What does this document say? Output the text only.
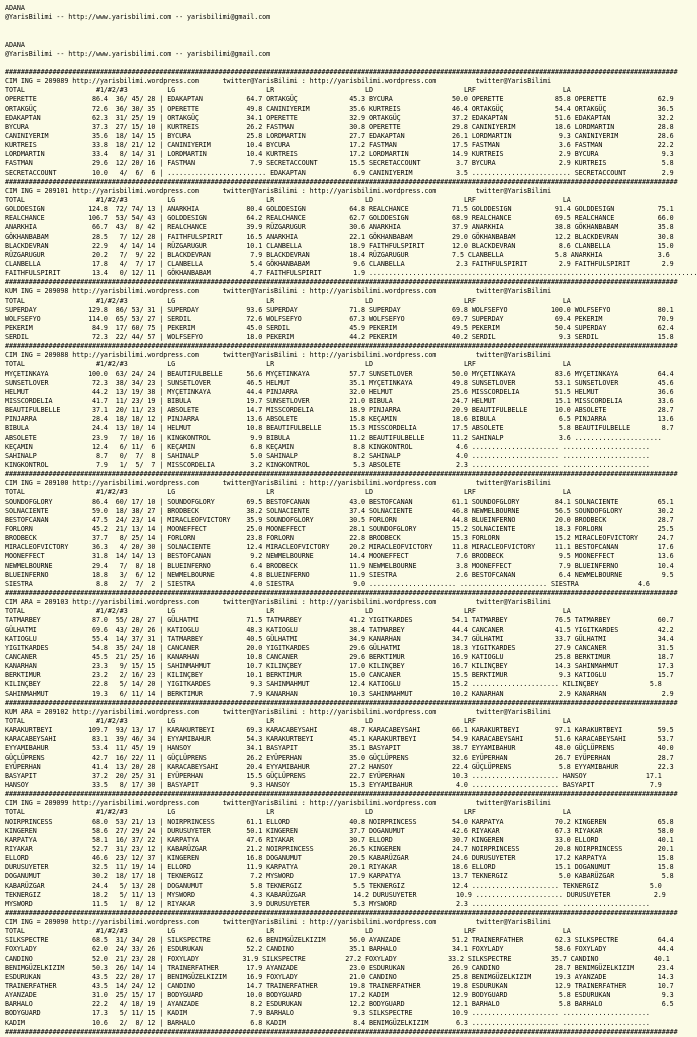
ADANA
@YarisBilimi -- http://www.yarisbilimi.com -- yarisbilimi@gmail.com
ADANA
@YarisBilimi -- http://www.yarisbilimi.com -- yarisbilimi@gmail.com
##########################################################################################################################################################################
CIM ING = 209089 http://yarisbilimi.wordpress.com      twitter@YarisBilimi : http://yarisbilimi.wordpress.com          twitter@YarisBilimi
TOTAL                  #1/#2/#3          LG                       LR                       LD                       LRF                      LA
OPERETTE              86.4  36/ 45/ 28 | EDAKAPTAN           64.7 ORTAKGÜÇ             45.3 BYCURA               50.0 OPERETTE             85.8 OPERETTE             62.9
ORTAKGÜÇ              72.6  36/ 30/ 35 | OPERETTE            49.8 CANINIYERIM          35.6 KURTREIS             46.4 ORTAKGÜÇ             54.4 ORTAKGÜÇ             36.5
EDAKAPTAN             62.3  31/ 25/ 19 | ORTAKGÜÇ            34.1 OPERETTE             32.9 ORTAKGÜÇ             37.2 EDAKAPTAN            51.6 EDAKAPTAN            32.2
BYCURA                37.3  27/ 15/ 10 | KURTREIS            26.2 FASTMAN              30.8 OPERETTE             29.8 CANINIYERIM          18.6 LORDMARTIN           28.8
CANINIYERIM           35.6  18/ 14/ 15 | BYCURA              25.8 LORDMARTIN           27.7 EDAKAPTAN            26.1 LORDMARTIN            9.3 CANINIYERIM          28.6
KURTREIS              33.8  18/ 21/ 12 | CANINIYERIM         10.4 BYCURA               17.2 FASTMAN              17.5 FASTMAN               3.6 FASTMAN              22.2
LORDMARTIN            33.4   8/ 14/ 31 | LORDMARTIN          10.4 KURTREIS             17.2 LORDMARTIN           14.9 KURTREIS              2.9 BYCURA                9.3
FASTMAN               29.6  12/ 20/ 16 | FASTMAN              7.9 SECRETACCOUNT        15.5 SECRETACCOUNT         3.7 BYCURA                2.9 KURTREIS              5.8
SECRETACCOUNT         10.0   4/  6/  6 | ......................... EDAKAPTAN            6.9 CANINIYERIM           3.5 ......................... SECRETACCOUNT         2.9
##########################################################################################################################################################################
CIM ING = 209101 http://yarisbilimi.wordpress.com      twitter@YarisBilimi : http://yarisbilimi.wordpress.com          twitter@YarisBilimi
TOTAL                  #1/#2/#3          LG                       LR                       LD                       LRF                      LA
GOLDDESIGN           124.8  72/ 74/ 13 | ANARKHIA            80.4 GOLDDESIGN           64.8 REALCHANCE           71.5 GOLDDESIGN           91.4 GOLDDESIGN           75.1
REALCHANCE           106.7  53/ 54/ 43 | GOLDDESIGN          64.2 REALCHANCE           62.7 GOLDDESIGN           68.9 REALCHANCE           69.5 REALCHANCE           66.0
ANARKHIA              66.7  43/  8/ 42 | REALCHANCE          39.9 RÜZGARUGUR           30.6 ANARKHIA             37.9 ANARKHIA             38.8 GÖKHANBABAM          35.8
GÖKHANBABAM           28.5   7/ 12/ 28 | FAITHFULSPIRIT      16.5 ANARKHIA             22.1 GÖKHANBABAM          29.0 GÖKHANBABAM          12.2 BLACKDEVRAN          30.8
BLACKDEVRAN           22.9   4/ 14/ 14 | RÜZGARUGUR          10.1 CLANBELLA            18.9 FAITHFULSPIRIT       12.0 BLACKDEVRAN           8.6 CLANBELLA            15.0
RÜZGARUGUR            20.2   7/  9/ 22 | BLACKDEVRAN          7.9 BLACKDEVRAN          18.4 RÜZGARUGUR           7.5 CLANBELLA             5.8 ANARKHIA              3.6
CLANBELLA             17.8   4/  7/ 17 | CLANBELLA            5.4 GÖKHANBABAM           9.6 CLANBELLA             2.3 FAITHFULSPIRIT        2.9 FAITHFULSPIRIT        2.9
FAITHFULSPIRIT        13.4   0/ 12/ 11 | GÖKHANBABAM          4.7 FAITHFULSPIRIT        1.9 ...................................................................................
##########################################################################################################################################################################
KUM ING = 209098 http://yarisbilimi.wordpress.com      twitter@YarisBilimi : http://yarisbilimi.wordpress.com          twitter@YarisBilimi
TOTAL                  #1/#2/#3          LG                       LR                       LD                       LRF                      LA
SUPERDAY             129.8  86/ 53/ 31 | SUPERDAY            93.6 SUPERDAY             71.8 SUPERDAY             69.8 WOLFSEFYO           100.0 WOLFSEFYO            80.1
WOLFSEFYO            114.0  65/ 53/ 27 | SERDIL              72.6 WOLFSEFYO            67.3 WOLFSEFYO            69.7 SUPERDAY             69.4 PEKERIM              70.9
PEKERIM               84.9  17/ 60/ 75 | PEKERIM             45.0 SERDIL               45.9 PEKERIM              49.5 PEKERIM              50.4 SUPERDAY             62.4
SERDIL                72.3  22/ 44/ 57 | WOLFSEFYO           18.0 PEKERIM              44.2 PEKERIM              40.2 SERDIL                9.3 SERDIL               15.8
##########################################################################################################################################################################
CIM ING = 209088 http://yarisbilimi.wordpress.com      twitter@YarisBilimi : http://yarisbilimi.wordpress.com          twitter@YarisBilimi
TOTAL                  #1/#2/#3          LG                       LR                       LD                       LRF                      LA
MYÇETINKAYA          100.0  63/ 24/ 24 | BEAUTIFULBELLE      56.6 MYÇETINKAYA          57.7 SUNSETLOVER          50.0 MYÇETINKAYA          83.6 MYÇETINKAYA          64.4
SUNSETLOVER           72.3  38/ 34/ 23 | SUNSETLOVER         46.5 HELMUT               35.1 MYÇETINKAYA          49.8 SUNSETLOVER          53.1 SUNSETLOVER          45.6
HELMUT                44.2  13/ 19/ 38 | MYÇETINKAYA         44.4 PINJARRA             32.0 HELMUT               25.6 MISSCORDELIA         51.5 HELMUT               36.6
MISSCORDELIA          41.7  11/ 23/ 19 | BIBULA              19.7 SUNSETLOVER          21.0 BIBULA               24.7 HELMUT               15.1 MISSCORDELIA         33.6
BEAUTIFULBELLE        37.1  20/ 11/ 23 | ABSOLETE            14.7 MISSCORDELIA         18.9 PINJARRA             20.9 BEAUTIFULBELLE       10.0 ABSOLETE             28.7
PINJARRA              28.4  18/ 18/ 12 | PINJARRA            13.6 ABSOLETE             15.8 KEÇAMIN              18.6 BIBULA                6.5 PINJARRA             13.6
BIBULA                24.4  13/ 10/ 14 | HELMUT              10.8 BEAUTIFULBELLE       15.3 MISSCORDELIA         17.5 ABSOLETE              5.8 BEAUTIFULBELLE        8.7
ABSOLETE              23.9   7/ 10/ 16 | KINGKONTROL          9.9 BIBULA               11.2 BEAUTIFULBELLE       11.2 SAHINALP              3.6 ......................
KEÇAMIN               12.4   6/ 11/  6 | KEÇAMIN              6.8 KEÇAMIN               8.8 KINGKONTROL           4.6 ...................... ......................
SAHINALP               8.7   0/  7/  8 | SAHINALP             5.0 SAHINALP              8.2 SAHINALP              4.0 ...................... ......................
KINGKONTROL            7.9   1/  5/  7 | MISSCORDELIA         3.2 KINGKONTROL           5.3 ABSOLETE              2.3 ...................... ......................
##########################################################################################################################################################################
CIM ING = 209100 http://yarisbilimi.wordpress.com      twitter@YarisBilimi : http://yarisbilimi.wordpress.com          twitter@YarisBilimi
TOTAL                  #1/#2/#3          LG                       LR                       LD                       LRF                      LA
SOUNDOFGLORY          86.4  60/ 17/ 10 | SOUNDOFGLORY        69.5 BESTOFCANAN          43.0 BESTOFCANAN          61.1 SOUNDOFGLORY         84.1 SOLNACIENTE          65.1
SOLNACIENTE           59.0  18/ 38/ 27 | BRODBECK            38.2 SOLNACIENTE          37.4 SOLNACIENTE          46.8 NEWMELBOURNE         56.5 SOUNDOFGLORY         30.2
BESTOFCANAN           47.5  24/ 23/ 14 | MIRACLEOFVICTORY    35.9 SOUNDOFGLORY         30.5 FORLORN              44.8 BLUEINFERNO          20.0 BRODBECK             28.7
FORLORN               45.2  21/ 13/ 14 | MOONEFFECT          25.0 MOONEFFECT           28.1 SOUNDOFGLORY         15.2 SOLNACIENTE          18.3 FORLORN              25.5
BRODBECK              37.7   8/ 25/ 14 | FORLORN             23.8 FORLORN              22.8 BRODBECK             15.3 FORLORN              15.2 MIRACLEOFVICTORY     24.7
MIRACLEOFVICTORY      36.3   4/ 20/ 30 | SOLNACIENTE         12.4 MIRACLEOFVICTORY     20.2 MIRACLEOFVICTORY     11.8 MIRACLEOFVICTORY     11.1 BESTOFCANAN          17.6
MOONEFFECT            31.8  14/ 14/ 13 | BESTOFCANAN          9.2 NEWMELBOURNE         14.4 MOONEFFECT            7.6 BRODBECK              9.5 MOONEFFECT           13.6
NEWMELBOURNE          29.4   7/  8/ 18 | BLUEINFERNO          6.4 BRODBECK             11.9 NEWMELBOURNE          3.8 MOONEFFECT            7.9 BLUEINFERNO          10.4
BLUEINFERNO           18.8   3/  6/ 12 | NEWMELBOURNE         4.8 BLUEINFERNO          11.9 SIESTRA               2.6 BESTOFCANAN           6.4 NEWMELBOURNE          9.5
SIESTRA                8.8   2/  7/  2 | SIESTRA              4.0 SIESTRA               9.0 ...................... ...................... SIESTRA               4.6
##########################################################################################################################################################################
CIM ARA = 209103 http://yarisbilimi.wordpress.com      twitter@YarisBilimi : http://yarisbilimi.wordpress.com          twitter@YarisBilimi
TOTAL                  #1/#2/#3          LG                       LR                       LD                       LRF                      LA
TATMARBEY             87.0  55/ 28/ 27 | GÜLHATMI            71.5 TATMARBEY            41.2 YIGITKARDES          54.1 TATMARBEY            76.5 TATMARBEY            60.7
GÜLHATMI              69.6  43/ 20/ 26 | KATIOGLU            48.3 KATIOGLU             38.4 TATMARBEY            44.4 CANCANER             41.5 YIGITKARDES          42.2
KATIOGLU              55.4  14/ 37/ 31 | TATMARBEY           40.5 GÜLHATMI             34.9 KANARHAN             34.7 GÜLHATMI             33.7 GÜLHATMI             34.4
YIGITKARDES           54.8  35/ 24/ 18 | CANCANER            20.0 YIGITKARDES          29.6 GÜLHATMI             18.3 YIGITKARDES          27.9 CANCANER             31.5
CANCANER              45.5  21/ 25/ 16 | KANARHAN            10.8 CANCANER             29.6 BERKTIMUR            16.9 KATIOGLU             25.8 BERKTIMUR            18.7
KANARHAN              23.3   9/ 15/ 15 | SAHINMAHMUT         10.7 KILINÇBEY            17.0 KILINÇBEY            16.7 KILINÇBEY            14.3 SAHINMAHMUT          17.3
BERKTIMUR             23.2   2/ 16/ 23 | KILINÇBEY           10.1 BERKTIMUR            15.0 CANCANER             15.5 BERKTIMUR             9.3 KATIOGLU             15.7
KILINÇBEY             22.8   5/ 14/ 20 | YIGITKARDES          9.3 SAHINMAHMUT          12.4 KATIOGLU             15.2 ...................... KILINÇBEY             5.8
SAHINMAHMUT           19.3   6/ 11/ 14 | BERKTIMUR            7.9 KANARHAN             10.3 SAHINMAHMUT          10.2 KANARHAN              2.9 KANARHAN              2.9
##########################################################################################################################################################################
KUM ARA = 209102 http://yarisbilimi.wordpress.com      twitter@YarisBilimi : http://yarisbilimi.wordpress.com          twitter@YarisBilimi
TOTAL                  #1/#2/#3          LG                       LR                       LD                       LRF                      LA
KARAKURTBEYI         109.7  93/ 13/ 17 | KARAKURTBEYI        69.3 KARACABEYSAHI        48.7 KARACABEYSAHI        66.1 KARAKURTBEYI         97.1 KARAKURTBEYI         59.5
KARACABEYSAHI         83.1  39/ 46/ 34 | EYYAMIBAHUR         54.3 KARAKURTBEYI         45.1 KARAKURTBEYI         54.9 KARACABEYSAHI        51.6 KARACABEYSAHI        53.7
EYYAMIBAHUR           53.4  11/ 45/ 19 | HANSOY              34.1 BASYAPIT             35.1 BASYAPIT             38.7 EYYAMIBAHUR          48.0 GÜÇLÜPRENS           40.0
GÜÇLÜPRENS            42.7  16/ 22/ 11 | GÜÇLÜPRENS          26.2 EYÜPERHAN            35.0 GÜÇLÜPRENS           32.6 EYÜPERHAN            26.7 EYÜPERHAN            28.7
EYÜPERHAN             41.4  13/ 20/ 28 | KARACABEYSAHI       20.4 EYYAMIBAHUR          27.2 HANSOY               22.4 GÜÇLÜPRENS            5.8 EYYAMIBAHUR          22.3
BASYAPIT              37.2  20/ 25/ 31 | EYÜPERHAN           15.5 GÜÇLÜPRENS           22.7 EYÜPERHAN            10.3 ...................... HANSOY               17.1
HANSOY                33.5   8/ 17/ 30 | BASYAPIT             9.3 HANSOY               15.3 EYYAMIBAHUR           4.0 ...................... BASYAPIT              7.9
##########################################################################################################################################################################
CIM ING = 209099 http://yarisbilimi.wordpress.com      twitter@YarisBilimi : http://yarisbilimi.wordpress.com          twitter@YarisBilimi
TOTAL                  #1/#2/#3          LG                       LR                       LD                       LRF                      LA
NOIRPRINCESS          68.0  53/ 21/ 13 | NOIRPRINCESS        61.1 ELLORD               40.8 NOIRPRINCESS         54.0 KARPATYA             70.2 KINGEREN             65.8
KINGEREN              58.6  27/ 29/ 24 | DURUSUYETER         50.1 KINGEREN             37.7 DOGANUMUT            42.6 RIYAKAR              67.3 RIYAKAR              58.0
KARPATYA              58.1  16/ 37/ 22 | KARPATYA            47.6 RIYAKAR              30.7 ELLORD               30.7 KINGEREN             33.0 ELLORD               40.1
RIYAKAR               52.7  31/ 23/ 12 | KABARÜZGAR          21.2 NOIRPRINCESS         26.5 KINGEREN             24.7 NOIRPRINCESS         20.8 NOIRPRINCESS         20.1
ELLORD                46.6  23/ 12/ 37 | KINGEREN            16.8 DOGANUMUT            20.5 KABARÜZGAR           24.6 DURUSUYETER          17.2 KARPATYA             15.8
DURUSUYETER           32.5  11/ 19/ 14 | ELLORD              11.9 KARPATYA             20.1 RIYAKAR              18.6 ELLORD               15.1 DOGANUMUT            15.8
DOGANUMUT             30.2  18/ 17/ 18 | TEKNERGIZ            7.2 MYSWORD              17.9 KARPATYA             13.7 TEKNERGIZ             5.0 KABARÜZGAR            5.8
KABARÜZGAR            24.4   5/ 13/ 28 | DOGANUMUT            5.8 TEKNERGIZ             5.5 TEKNERGIZ            12.4 ...................... TEKNERGIZ             5.0
TEKNERGIZ             18.2   5/ 11/ 13 | MYSWORD              4.3 KABARÜZGAR            14.2 DURUSUYETER          10.9 ...................... DURUSUYETER           2.9
MYSWORD               11.5   1/  8/ 12 | RIYAKAR              3.9 DURUSUYETER           5.3 MYSWORD               2.3 ...................... ......................
##########################################################################################################################################################################
CIM ING = 209090 http://yarisbilimi.wordpress.com      twitter@YarisBilimi : http://yarisbilimi.wordpress.com          twitter@YarisBilimi
TOTAL                  #1/#2/#3          LG                       LR                       LD                       LRF                      LA
SILKSPECTRE           68.5  31/ 34/ 20 | SILKSPECTRE         62.6 BENIMGÜZELKIZIM      56.0 AYANZADE             51.2 TRAINERFATHER        62.3 SILKSPECTRE          64.4
FOXYLADY              62.0  24/ 33/ 26 | ESDURUKAN           52.2 CANDINO              35.1 BARHALO              34.1 FOXYLADY             58.6 FOXYLADY             44.4
CANDINO               52.0  21/ 23/ 28 | FOXYLADY           31.9 SILKSPECTRE          27.2 FOXYLADY             33.2 SILKSPECTRE          35.7 CANDINO              40.1
BENIMGÜZELKIZIM       50.3  26/ 14/ 14 | TRAINERFATHER       17.9 AYANZADE             23.0 ESDURUKAN            26.9 CANDINO              28.7 BENIMGÜZELKIZIM      23.4
ESDURUKAN             43.5  22/ 20/ 17 | BENIMGÜZELKIZIM     16.9 FOXYLADY             21.0 CANDINO              25.8 BENIMGÜZELKIZIM      19.3 AYANZADE             14.3
TRAINERFATHER         43.5  14/ 24/ 12 | CANDINO             14.7 TRAINERFATHER        19.8 TRAINERFATHER        19.8 ESDURUKAN            12.9 TRAINERFATHER        10.7
AYANZADE              31.0  25/ 15/ 17 | BODYGUARD           10.0 BODYGUARD            17.2 KADIM                12.9 BODYGUARD             5.8 ESDURUKAN             9.3
BARHALO               22.2   4/ 18/ 19 | AYANZADE             8.2 ESDURUKAN            12.2 BODYGUARD            12.1 BARHALO               5.8 BARHALO               6.5
BODYGUARD             17.3   5/ 11/ 15 | KADIM                7.9 BARHALO               9.3 SILKSPECTRE          10.9 ...................... ......................
KADIM                 10.6   2/  8/ 12 | BARHALO              6.8 KADIM                 8.4 BENIMGÜZELKIZIM       6.3 ...................... ......................
##########################################################################################################################################################################
